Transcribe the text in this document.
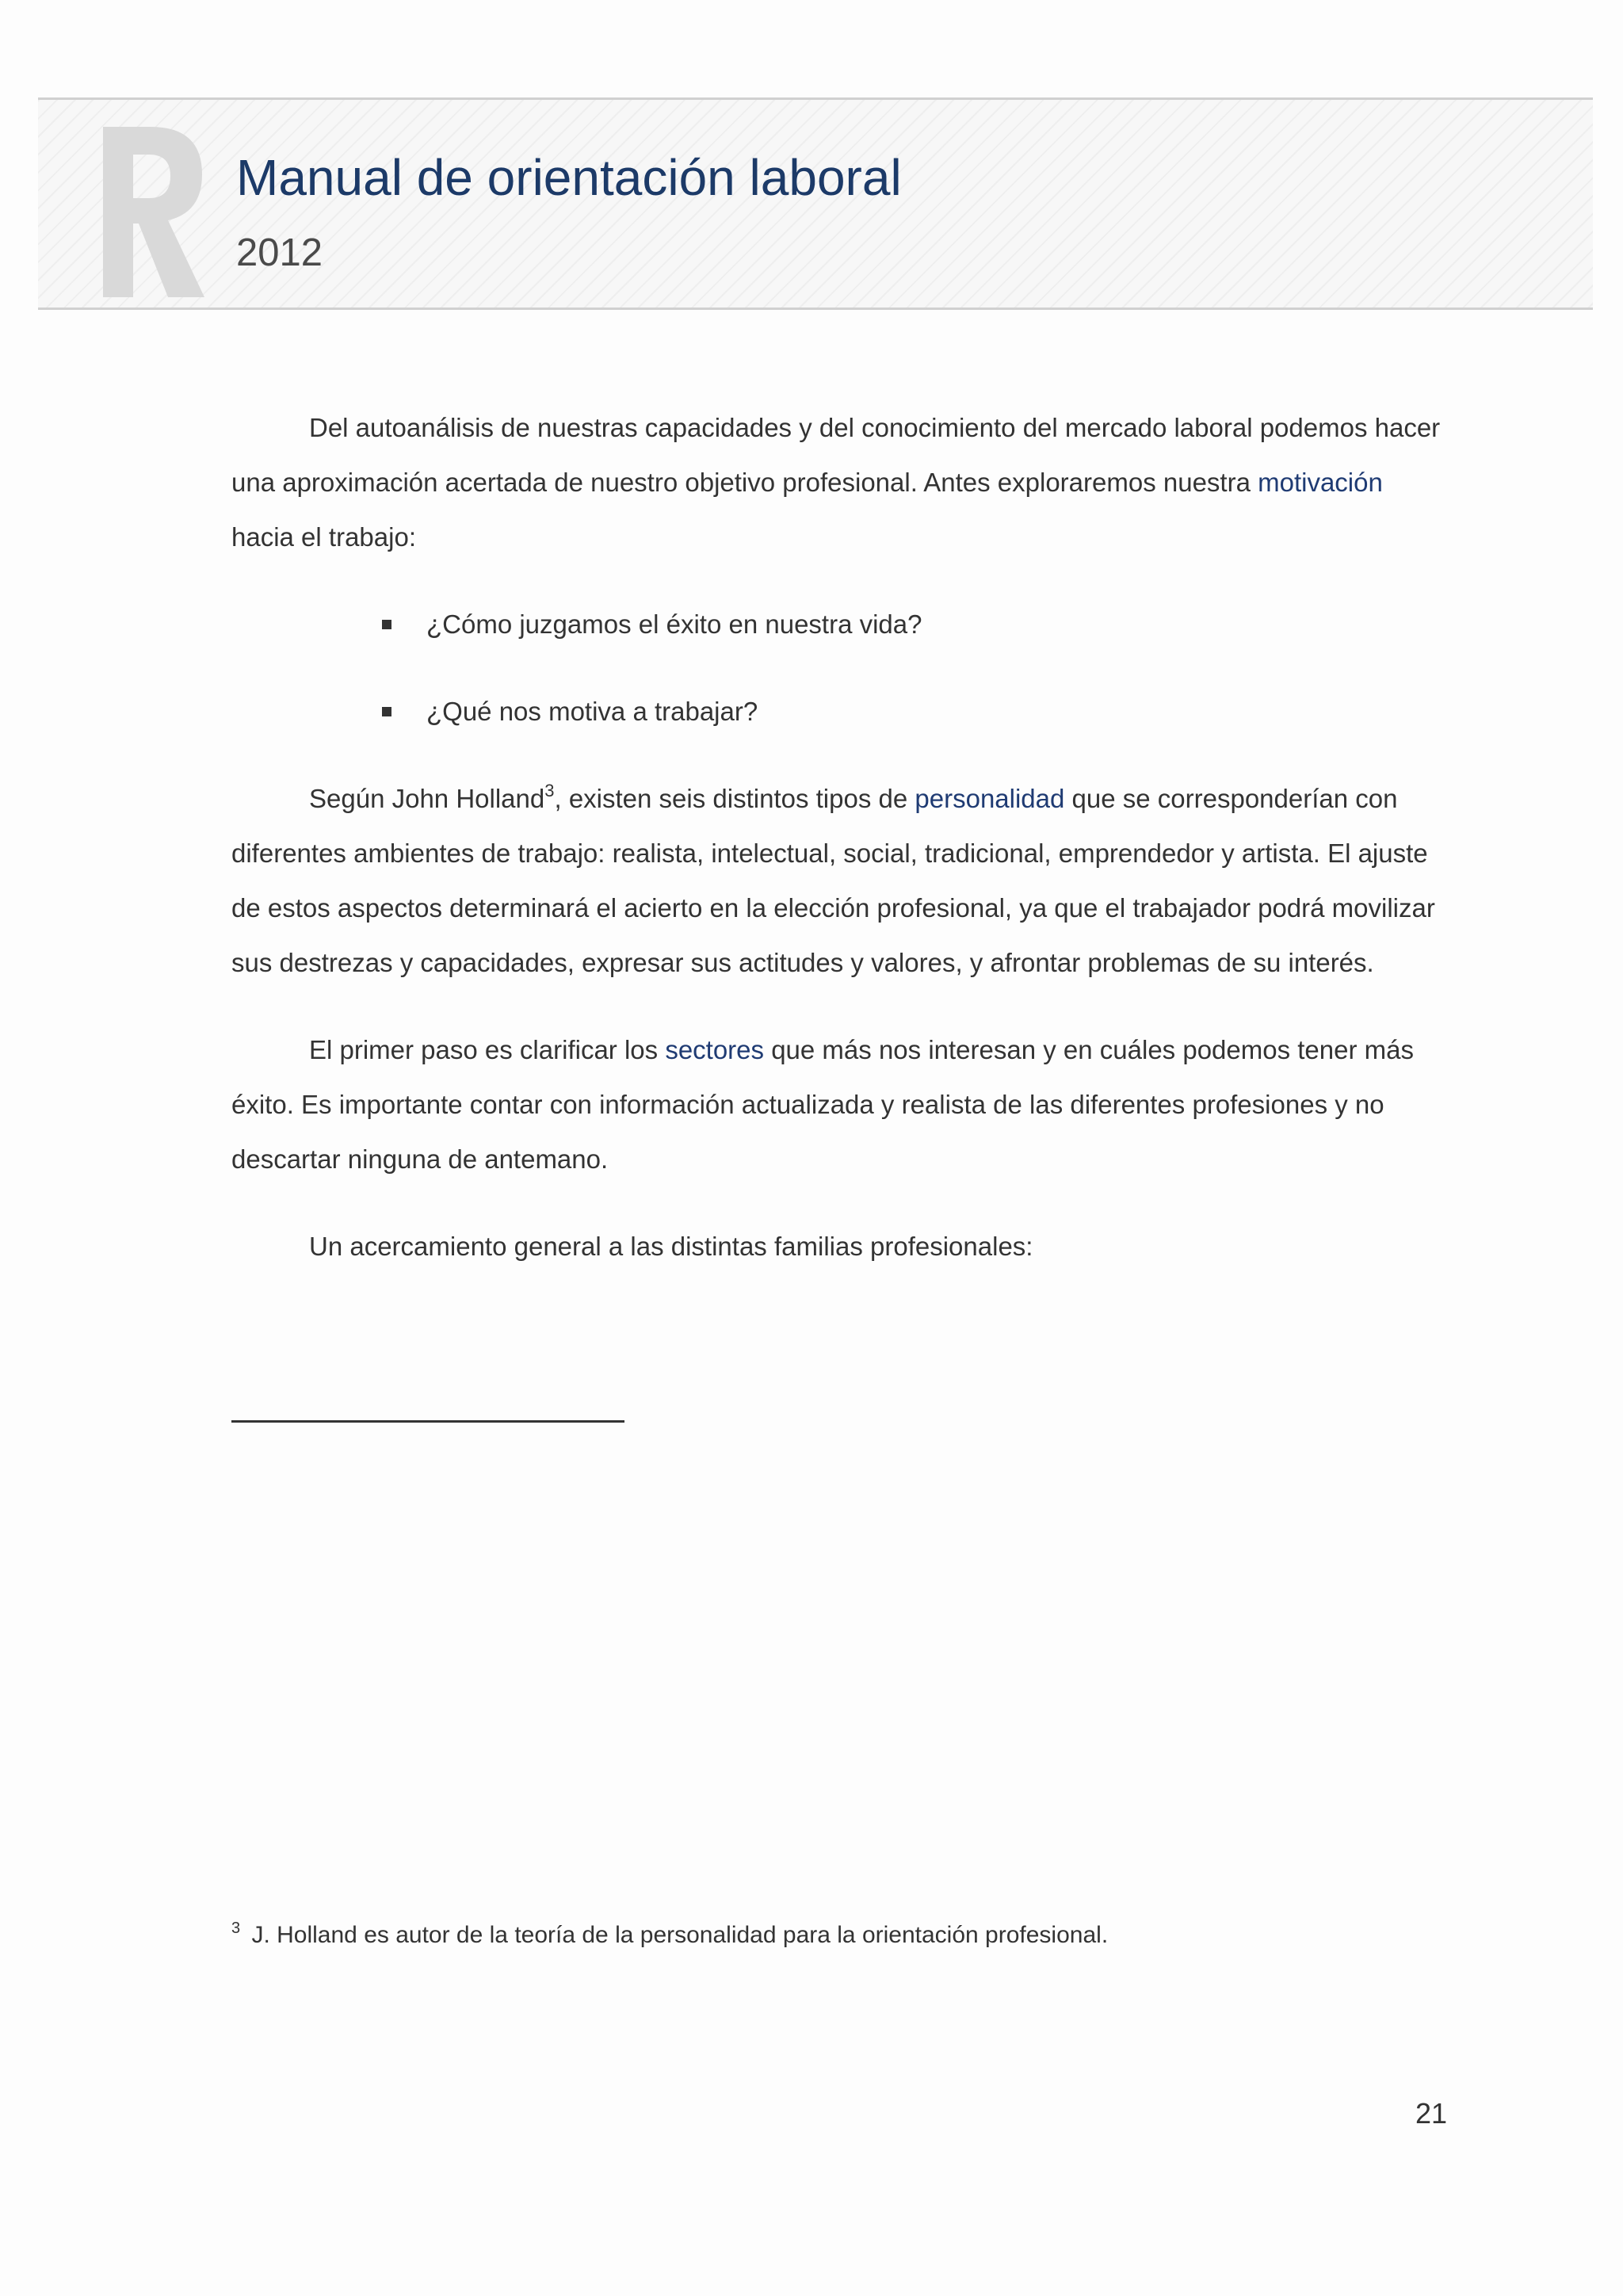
Manual de orientación laboral
2012

Del autoanálisis de nuestras capacidades y del conocimiento del mercado laboral podemos hacer una aproximación acertada de nuestro objetivo profesional. Antes exploraremos nuestra motivación hacia el trabajo:

¿Cómo juzgamos el éxito en nuestra vida?
¿Qué nos motiva a trabajar?

Según John Holland$^3$, existen seis distintos tipos de personalidad que se corresponderían con diferentes ambientes de trabajo: realista, intelectual, social, tradicional, emprendedor y artista. El ajuste de estos aspectos determinará el acierto en la elección profesional, ya que el trabajador podrá movilizar sus destrezas y capacidades, expresar sus actitudes y valores, y afrontar problemas de su interés.

El primer paso es clarificar los sectores que más nos interesan y en cuáles podemos tener más éxito. Es importante contar con información actualizada y realista de las diferentes profesiones y no descartar ninguna de antemano.

Un acercamiento general a las distintas familias profesionales:

$^3$ J. Holland es autor de la teoría de la personalidad para la orientación profesional.
21
